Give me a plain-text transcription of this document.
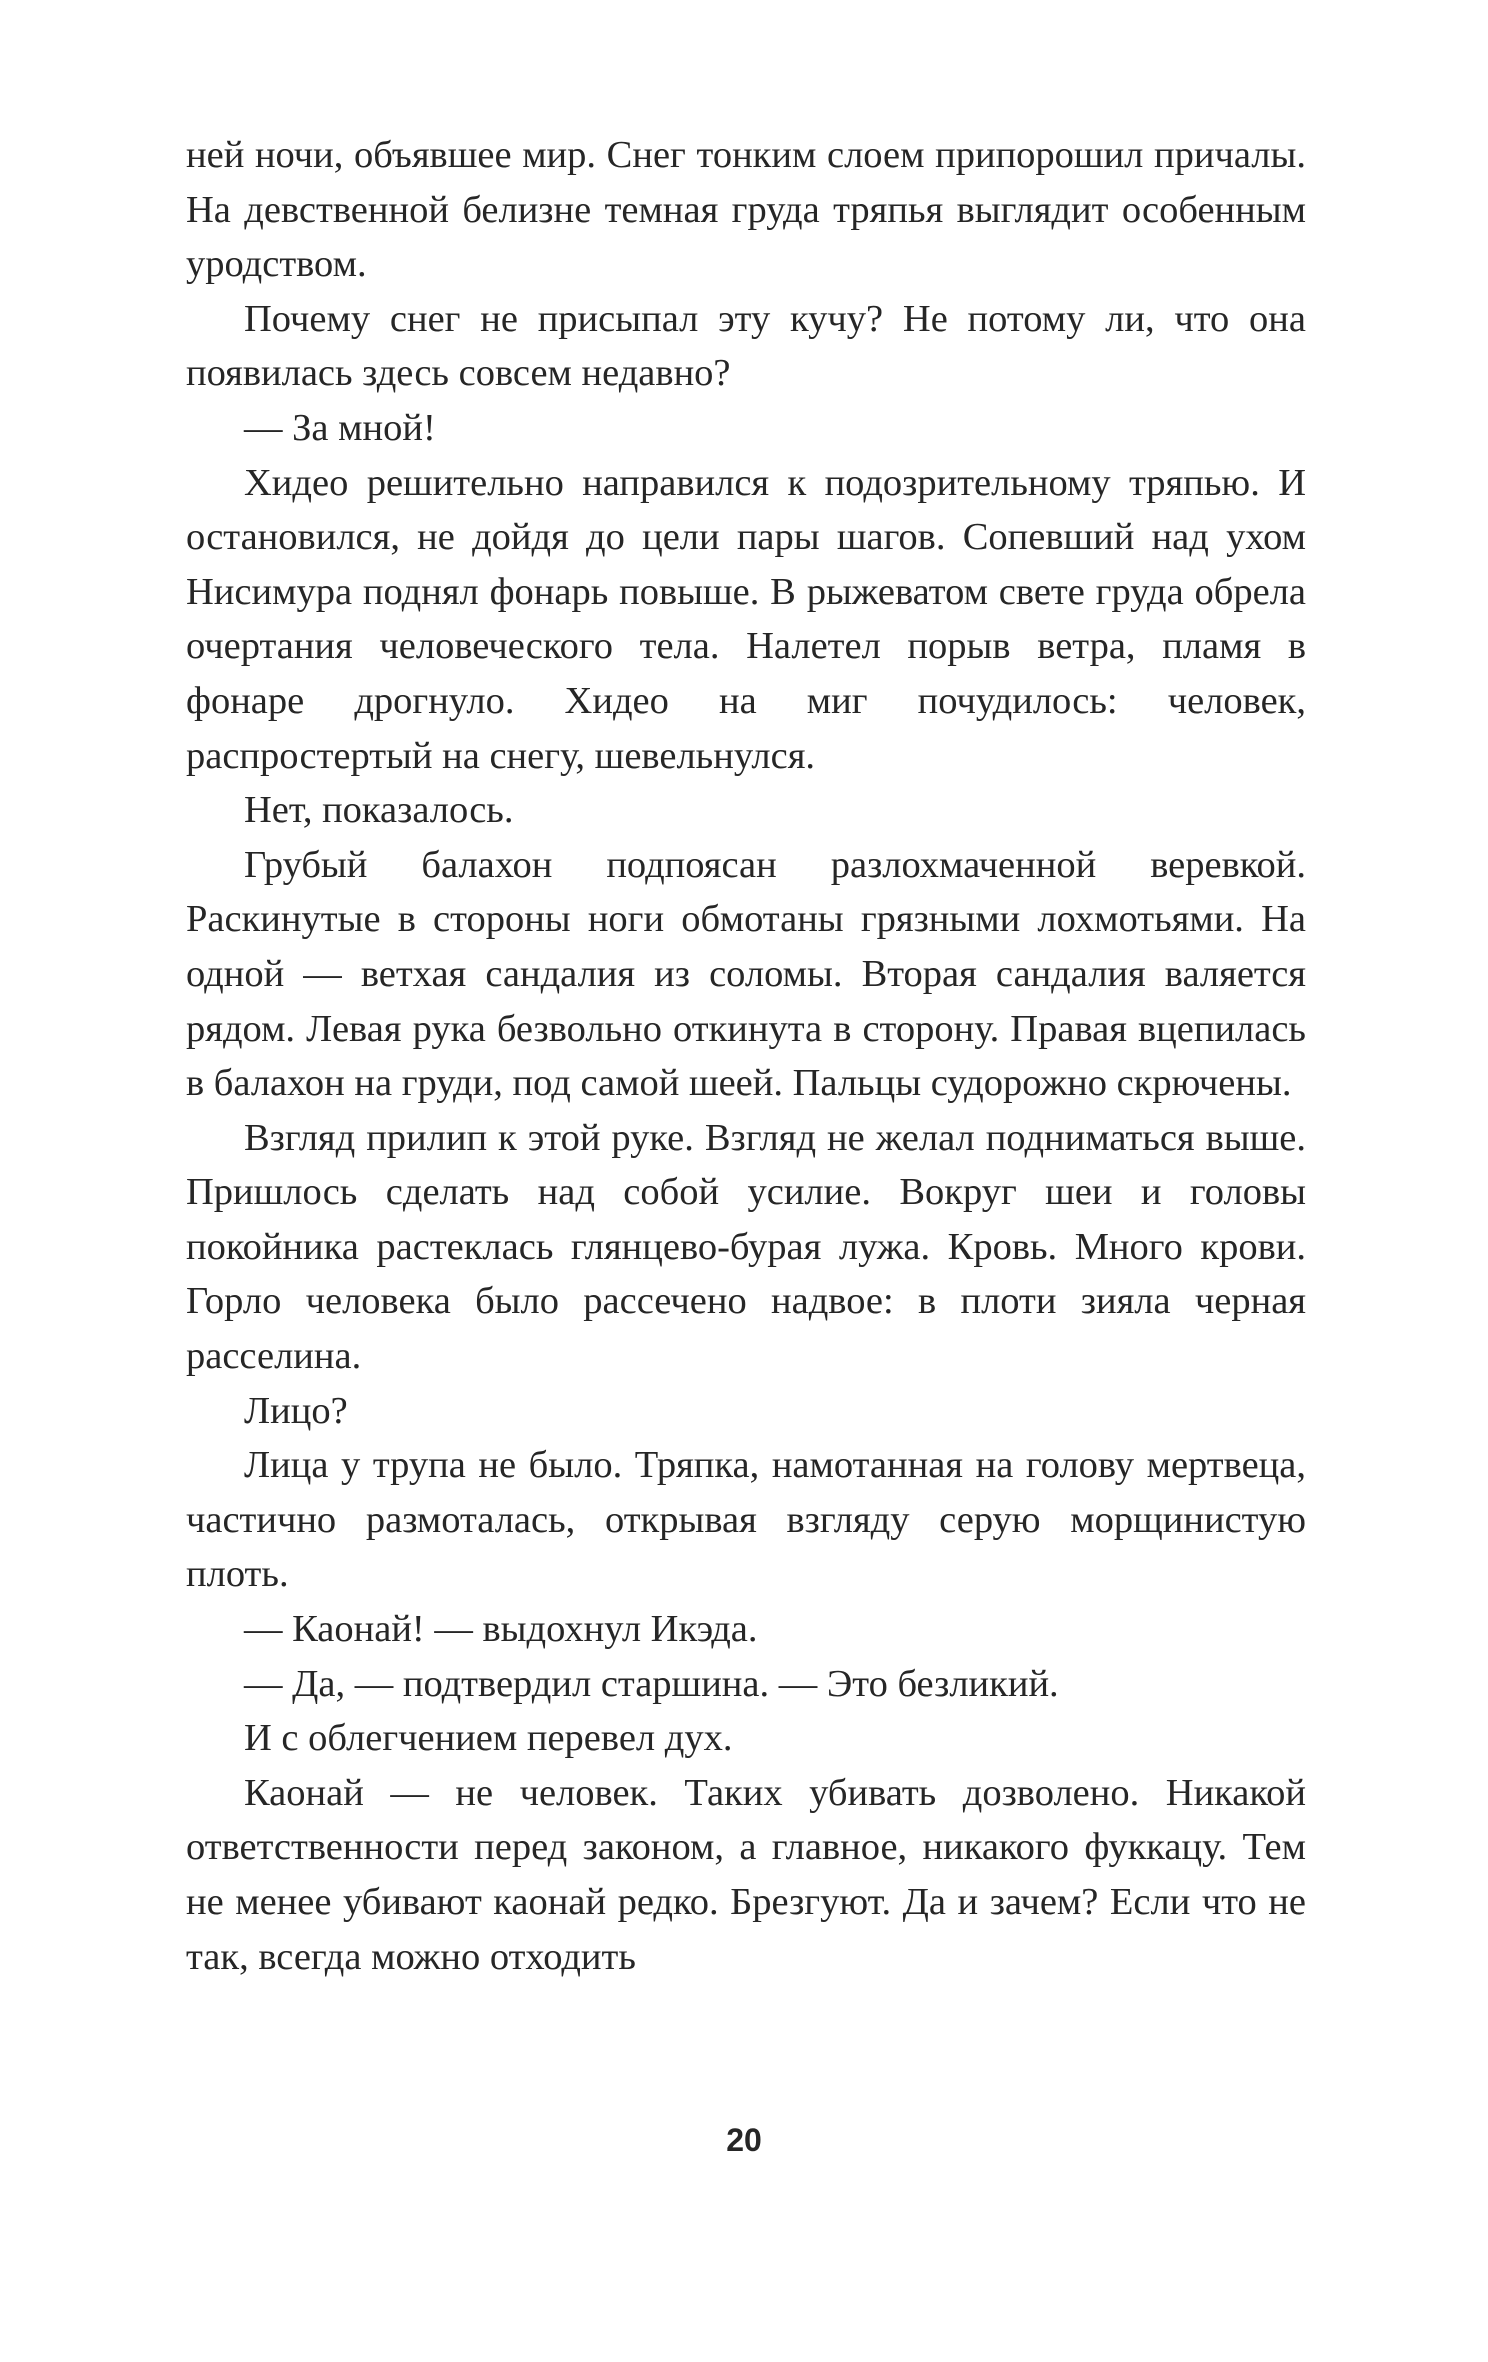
ней ночи, объявшее мир. Снег тонким слоем припорошил причалы. На девственной белизне темная груда тряпья выглядит особенным уродством.

Почему снег не присыпал эту кучу? Не потому ли, что она появилась здесь совсем недавно?

— За мной!

Хидео решительно направился к подозрительному тряпью. И остановился, не дойдя до цели пары шагов. Сопевший над ухом Нисимура поднял фонарь повыше. В рыжеватом свете груда обрела очертания человеческого тела. Налетел порыв ветра, пламя в фонаре дрогнуло. Хидео на миг почудилось: человек, распростертый на снегу, шевельнулся.

Нет, показалось.

Грубый балахон подпоясан разлохмаченной веревкой. Раскинутые в стороны ноги обмотаны грязными лохмотьями. На одной — ветхая сандалия из соломы. Вторая сандалия валяется рядом. Левая рука безвольно откинута в сторону. Правая вцепилась в балахон на груди, под самой шеей. Пальцы судорожно скрючены.

Взгляд прилип к этой руке. Взгляд не желал подниматься выше. Пришлось сделать над собой усилие. Вокруг шеи и головы покойника растеклась глянцево-бурая лужа. Кровь. Много крови. Горло человека было рассечено надвое: в плоти зияла черная расселина.

Лицо?

Лица у трупа не было. Тряпка, намотанная на голову мертвеца, частично размоталась, открывая взгляду серую морщинистую плоть.

— Каонай! — выдохнул Икэда.

— Да, — подтвердил старшина. — Это безликий.

И с облегчением перевел дух.

Каонай — не человек. Таких убивать дозволено. Никакой ответственности перед законом, а главное, никакого фуккацу. Тем не менее убивают каонай редко. Брезгуют. Да и зачем? Если что не так, всегда можно отходить

20
